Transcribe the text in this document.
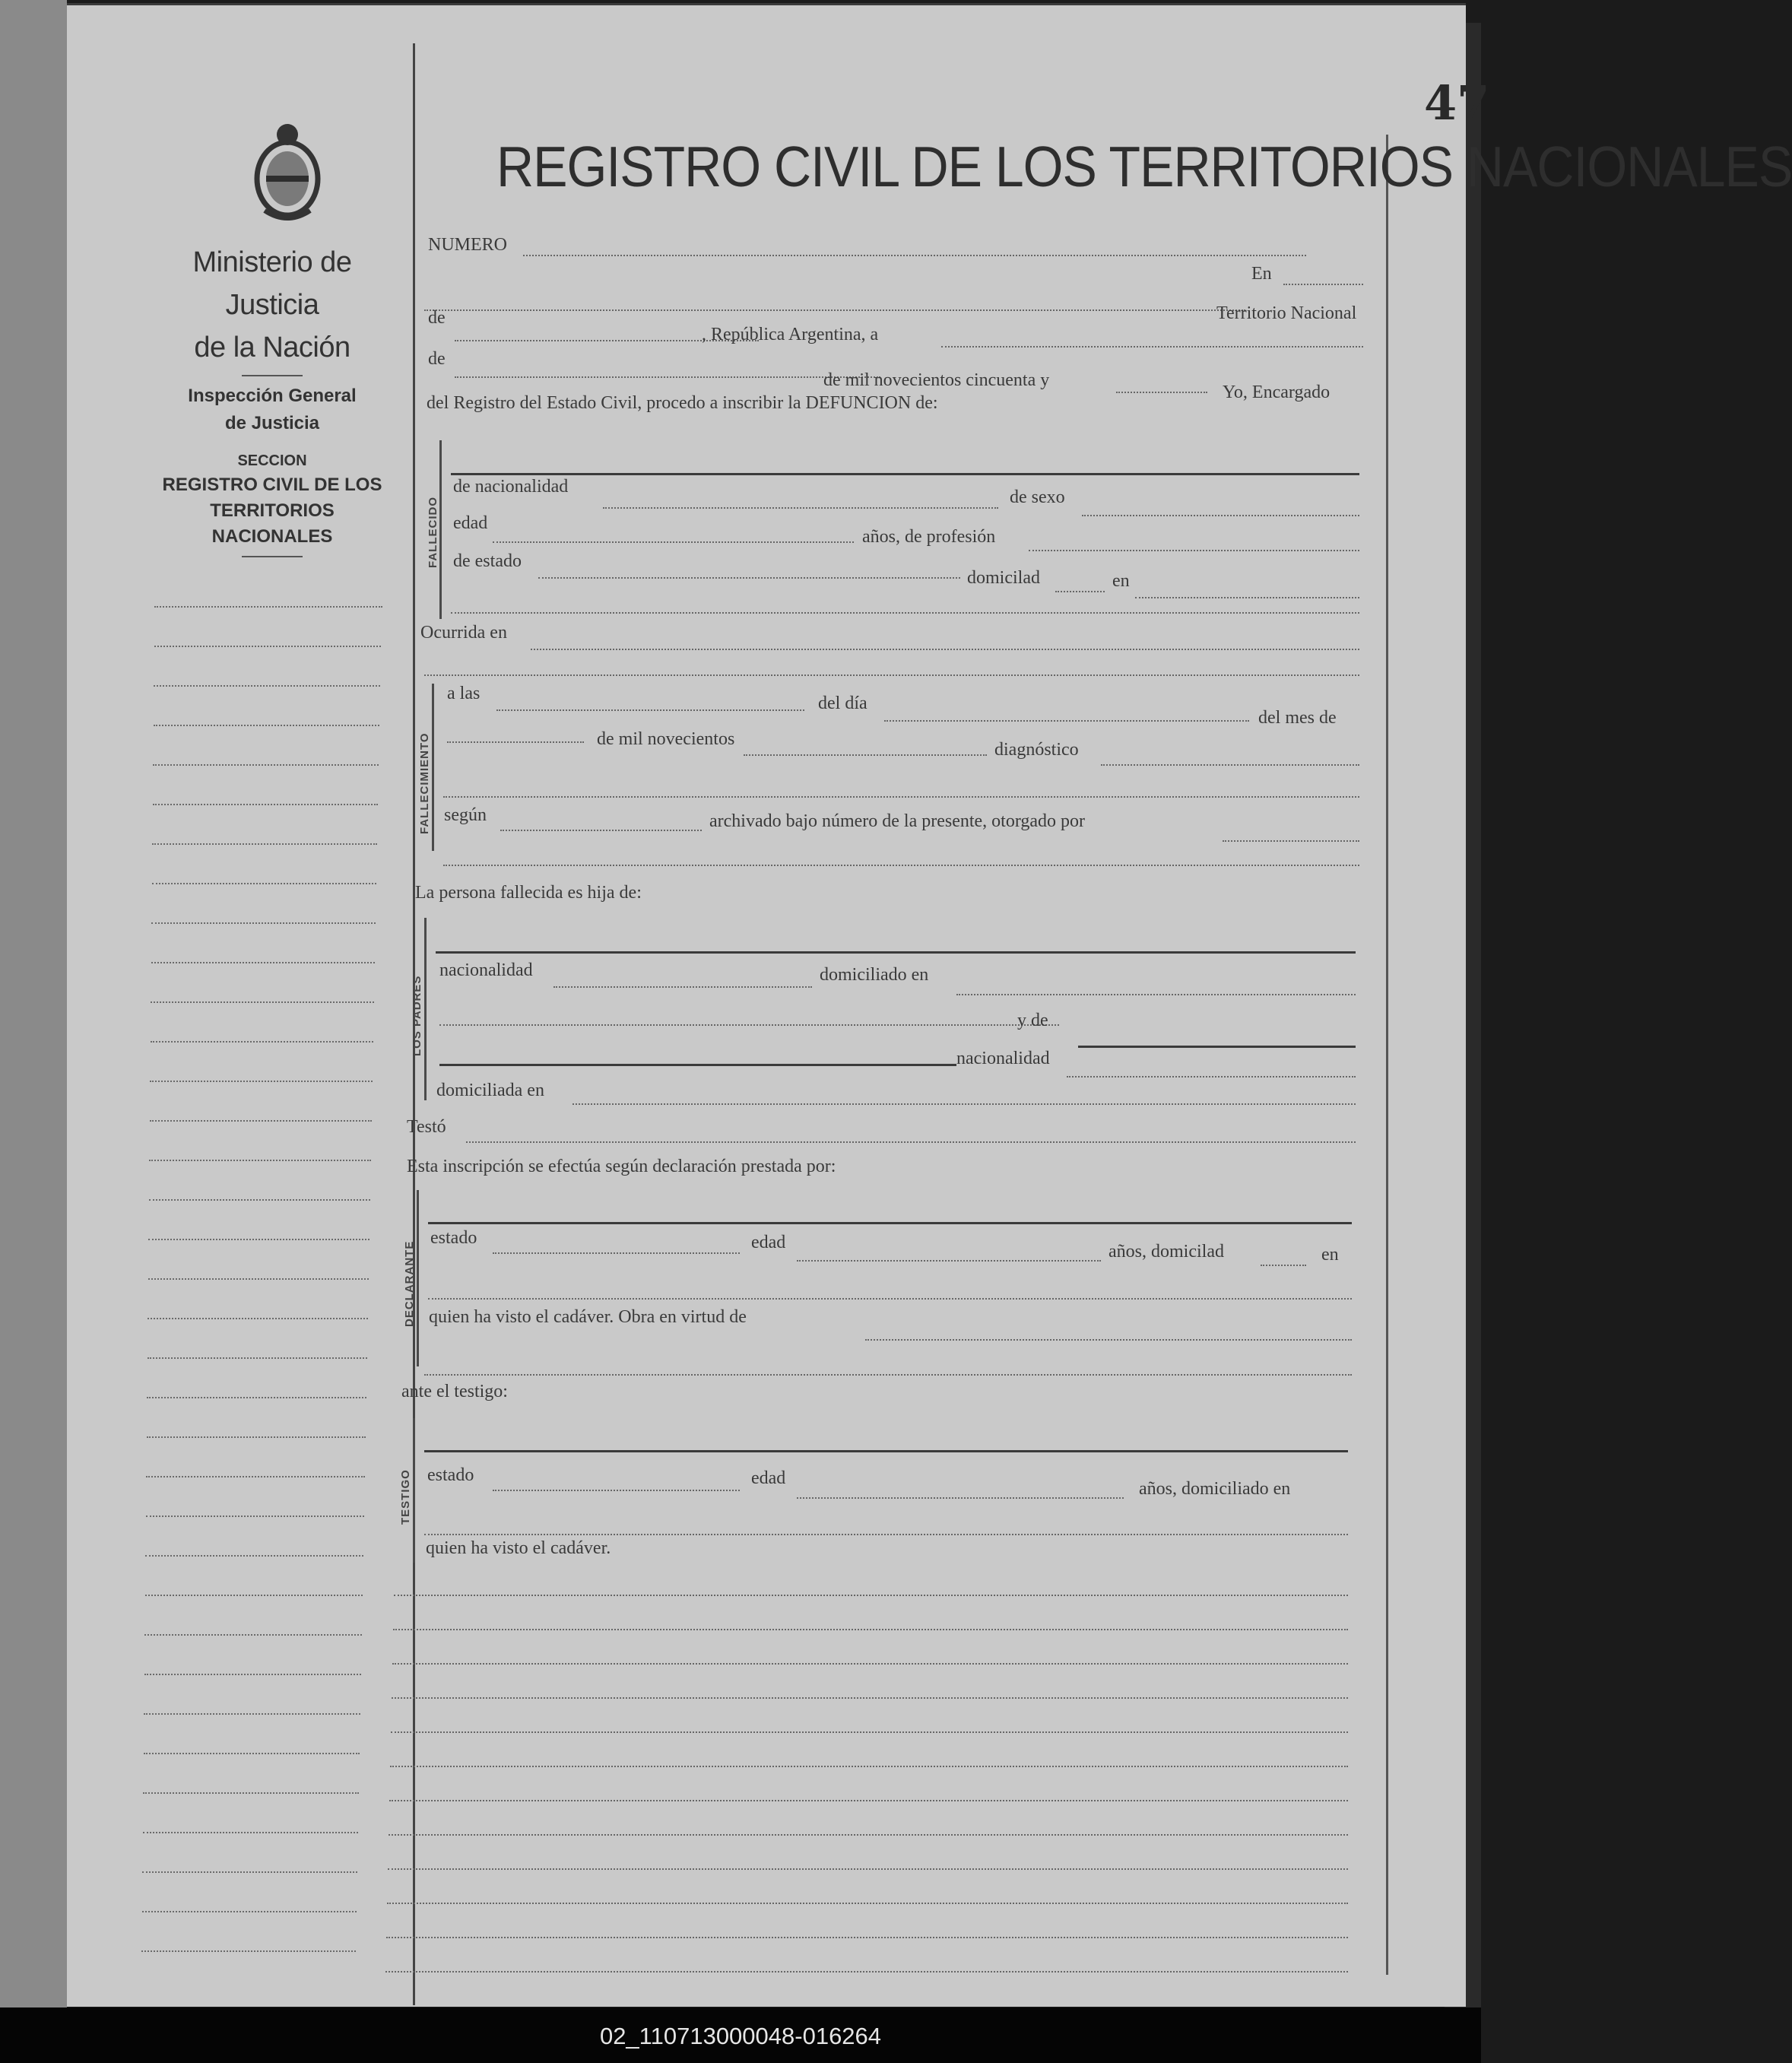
Ministerio de Justicia
de la Nación
Inspección General
de Justicia
SECCION
REGISTRO CIVIL DE LOS
TERRITORIOS NACIONALES
47
REGISTRO CIVIL DE LOS TERRITORIOS NACIONALES
NUMERO
En
Territorio Nacional
de
, República Argentina, a
de
de mil novecientos cincuenta y
Yo, Encargado
del Registro del Estado Civil, procedo a inscribir la DEFUNCION de:
FALLECIDO
de nacionalidad
de sexo
edad
años, de profesión
de estado
domicilad	en
Ocurrida en
FALLECIMIENTO
a las	del día
del mes de
de mil novecientos
diagnóstico
según	archivado bajo número de la presente, otorgado por
La persona fallecida es hija de:
LOS PADRES
nacionalidad	domiciliado en
y de
nacionalidad
domiciliada en
Testó
Esta inscripción se efectúa según declaración prestada por:
DECLARANTE
estado	edad	años, domicilad	en
quien ha visto el cadáver. Obra en virtud de
ante el testigo:
TESTIGO estado	edad
años, domiciliado en
quien ha visto el cadáver.
02_110713000048-016264
